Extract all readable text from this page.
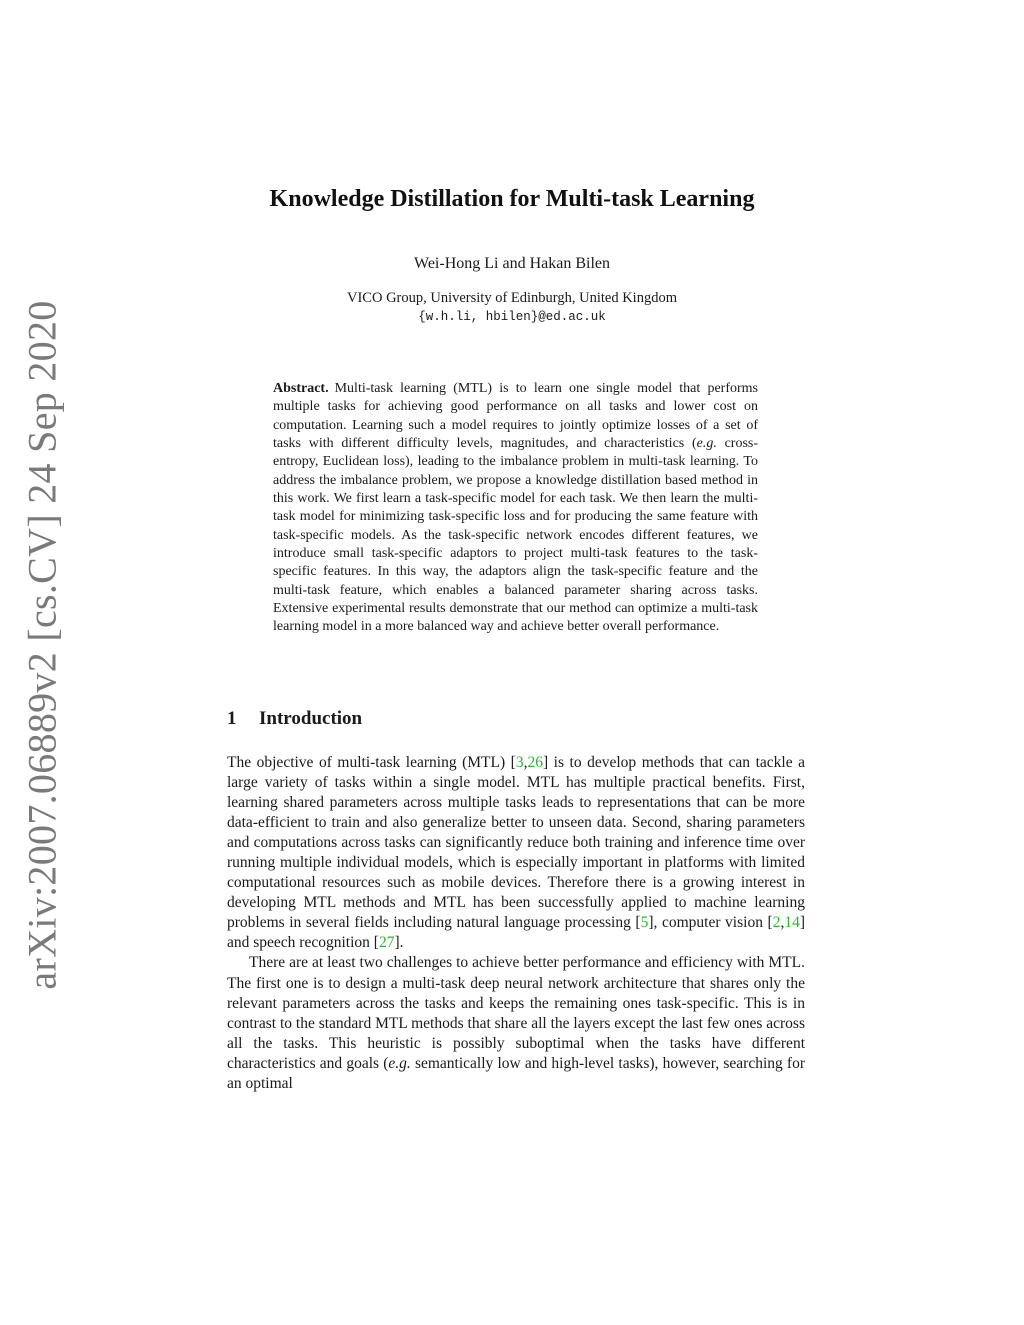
arXiv:2007.06889v2 [cs.CV] 24 Sep 2020
Knowledge Distillation for Multi-task Learning
Wei-Hong Li and Hakan Bilen
VICO Group, University of Edinburgh, United Kingdom
{w.h.li, hbilen}@ed.ac.uk
Abstract. Multi-task learning (MTL) is to learn one single model that performs multiple tasks for achieving good performance on all tasks and lower cost on computation. Learning such a model requires to jointly optimize losses of a set of tasks with different difficulty levels, magnitudes, and characteristics (e.g. cross-entropy, Euclidean loss), leading to the imbalance problem in multi-task learning. To address the imbalance problem, we propose a knowledge distillation based method in this work. We first learn a task-specific model for each task. We then learn the multi-task model for minimizing task-specific loss and for producing the same feature with task-specific models. As the task-specific network encodes different features, we introduce small task-specific adaptors to project multi-task features to the task-specific features. In this way, the adaptors align the task-specific feature and the multi-task feature, which enables a balanced parameter sharing across tasks. Extensive experimental results demonstrate that our method can optimize a multi-task learning model in a more balanced way and achieve better overall performance.
1 Introduction

The objective of multi-task learning (MTL) [3,26] is to develop methods that can tackle a large variety of tasks within a single model. MTL has multiple practical benefits. First, learning shared parameters across multiple tasks leads to representations that can be more data-efficient to train and also generalize better to unseen data. Second, sharing parameters and computations across tasks can significantly reduce both training and inference time over running multiple individual models, which is especially important in platforms with limited computational resources such as mobile devices. Therefore there is a growing interest in developing MTL methods and MTL has been successfully applied to machine learning problems in several fields including natural language processing [5], computer vision [2,14] and speech recognition [27].

There are at least two challenges to achieve better performance and efficiency with MTL. The first one is to design a multi-task deep neural network architecture that shares only the relevant parameters across the tasks and keeps the remaining ones task-specific. This is in contrast to the standard MTL methods that share all the layers except the last few ones across all the tasks. This heuristic is possibly suboptimal when the tasks have different characteristics and goals (e.g. semantically low and high-level tasks), however, searching for an optimal
